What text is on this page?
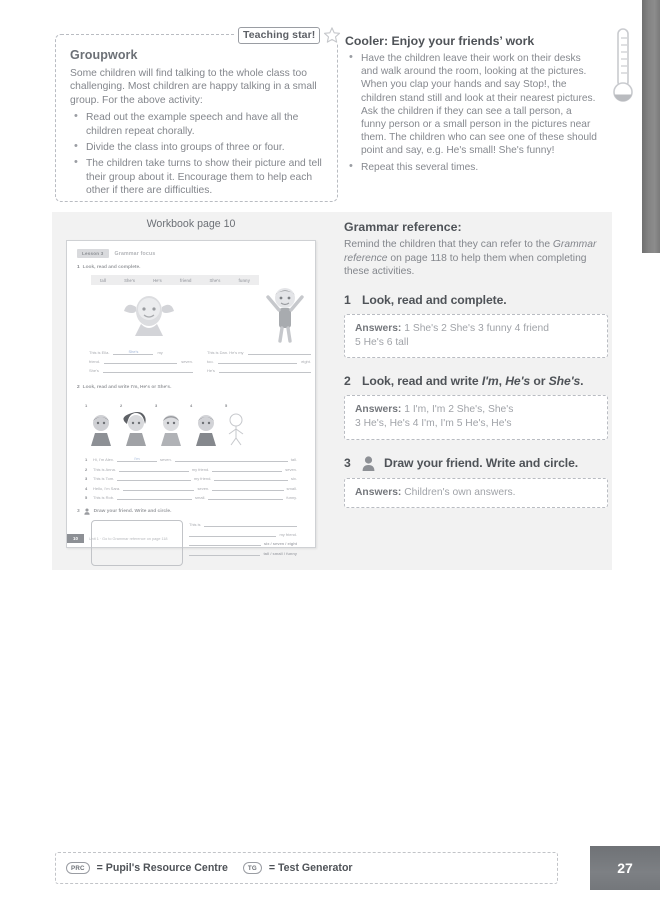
Teaching star!
Groupwork

Some children will find talking to the whole class too challenging. Most children are happy talking in a small group. For the above activity:

• Read out the example speech and have all the children repeat chorally.
• Divide the class into groups of three or four.
• The children take turns to show their picture and tell their group about it. Encourage them to help each other if there are difficulties.
Cooler: Enjoy your friends’ work
• Have the children leave their work on their desks and walk around the room, looking at the pictures. When you clap your hands and say Stop!, the children stand still and look at their nearest pictures. Ask the children if they can see a tall person, a funny person or a small person in the pictures near them. The children who can see one of these should point and say, e.g. He's small! She's funny!
• Repeat this several times.
Workbook page 10
Lesson 3	Grammar focus
1 Look, read and complete.
tall	She's	He's	friend	She's	funny
This is Ella.	She's	my
friend.	seven.
She's
This is Dan. He's my
too.	eight.
He's
2 Look, read and write I'm, He's or She's.
1	2	3	4	5
1	Hi, I'm Alex.	I'm	seven.	tall.
2	This is Anna.	my friend.	seven.
3	This is Tom.	my friend.	six.
4	Hello, I'm Sara.	seven.	small.
5	This is Rob.	small.	funny.
3	Draw your friend. Write and circle.
This is
my friend.
six / seven / eight
tall / small / funny
10	Unit 1 · Go to Grammar reference on page 118
Grammar reference:

Remind the children that they can refer to the Grammar reference on page 118 to help them when completing these activities.

1 Look, read and complete.
Answers: 1 She's 2 She's 3 funny 4 friend
5 He's 6 tall
2 Look, read and write I'm, He's or She's.
Answers: 1 I'm, I'm 2 She's, She's
3 He's, He's 4 I'm, I'm 5 He's, He's
3	Draw your friend. Write and circle.
Answers: Children's own answers.
PRC	= Pupil's Resource Centre	TG	= Test Generator	27
